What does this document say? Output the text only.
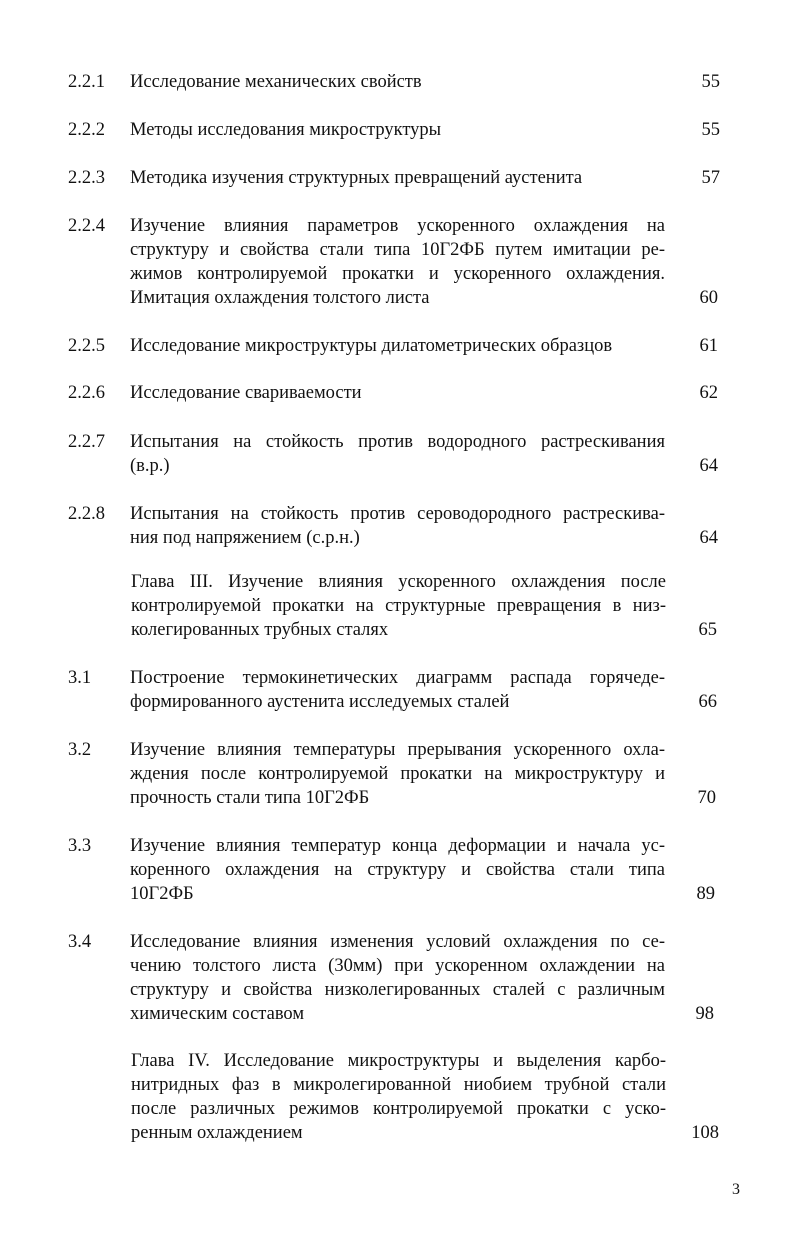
2.2.1	Исследование механических свойств	55
2.2.2	Методы исследования микроструктуры	55
2.2.3	Методика изучения структурных превращений аустенита	57
2.2.4	Изучение влияния параметров ускоренного охлаждения на
структуру и свойства стали типа 10Г2ФБ путем имитации ре-
жимов контролируемой прокатки и ускоренного охлаждения.
Имитация охлаждения толстого листа	60
2.2.5	Исследование микроструктуры дилатометрических образцов	61
2.2.6	Исследование свариваемости	62
2.2.7	Испытания на стойкость против водородного растрескивания
(в.р.)	64
2.2.8	Испытания на стойкость против сероводородного растрескива-
ния под напряжением (с.р.н.)	64
Глава III. Изучение влияния ускоренного охлаждения после
контролируемой прокатки на структурные превращения в низ-
колегированных трубных сталях	65
3.1	Построение термокинетических диаграмм распада горячеде-
формированного аустенита исследуемых сталей	66
3.2	Изучение влияния температуры прерывания ускоренного охла-
ждения после контролируемой прокатки на микроструктуру и
прочность стали типа 10Г2ФБ	70
3.3	Изучение влияния температур конца деформации и начала ус-
коренного охлаждения на структуру и свойства стали типа
10Г2ФБ	89
3.4	Исследование влияния изменения условий охлаждения по се-
чению толстого листа (30мм) при ускоренном охлаждении на
структуру и свойства низколегированных сталей с различным
химическим составом	98
Глава IV. Исследование микроструктуры и выделения карбо-
нитридных фаз в микролегированной ниобием трубной стали
после различных режимов контролируемой прокатки с уско-
ренным охлаждением	108
3
